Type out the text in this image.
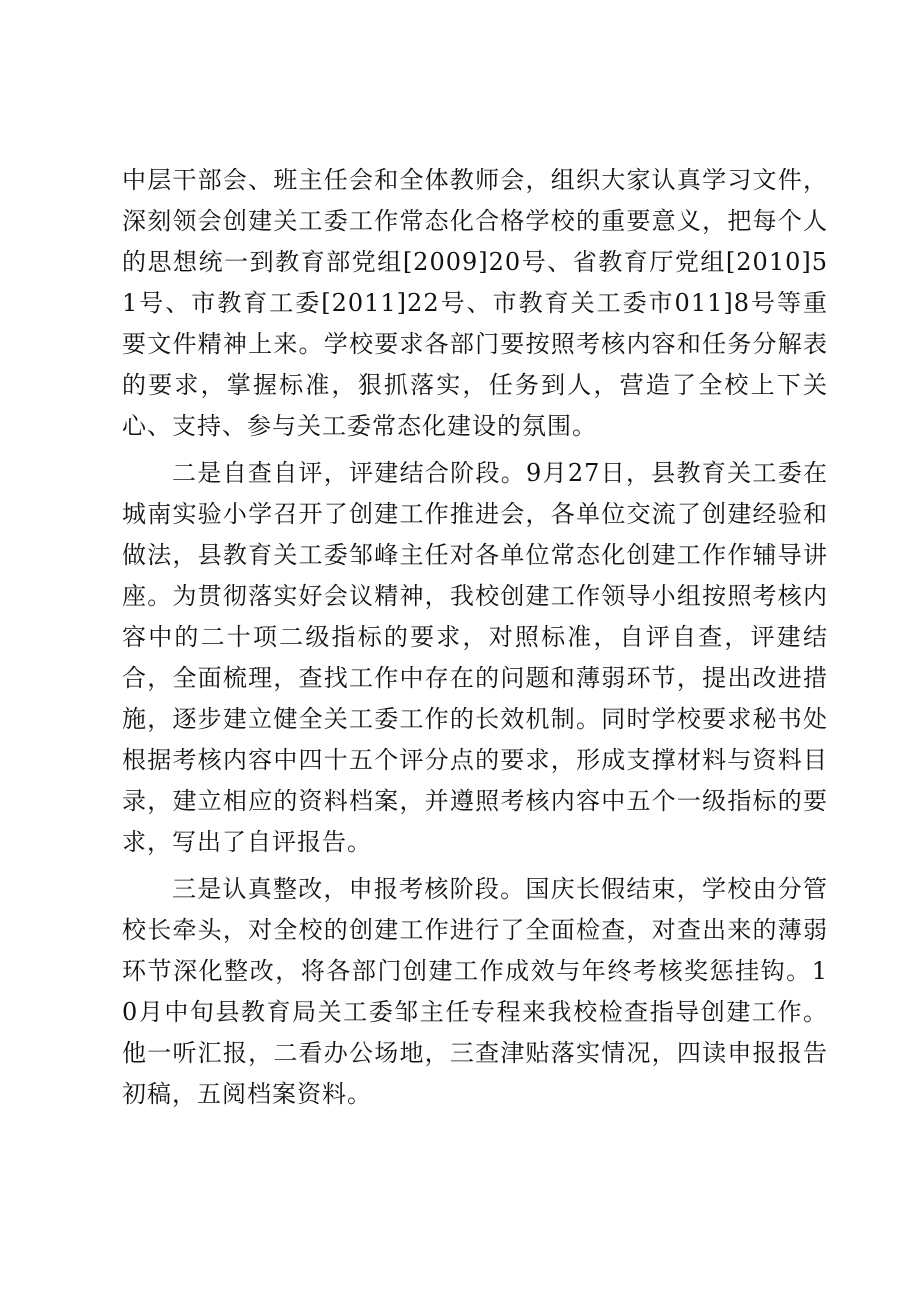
中层干部会、班主任会和全体教师会，组织大家认真学习文件，深刻领会创建关工委工作常态化合格学校的重要意义，把每个人的思想统一到教育部党组[2009]20号、省教育厅党组[2010]51号、市教育工委[2011]22号、市教育关工委市011]8号等重要文件精神上来。学校要求各部门要按照考核内容和任务分解表的要求，掌握标准，狠抓落实，任务到人，营造了全校上下关心、支持、参与关工委常态化建设的氛围。

二是自查自评，评建结合阶段。9月27日，县教育关工委在城南实验小学召开了创建工作推进会，各单位交流了创建经验和做法，县教育关工委邹峰主任对各单位常态化创建工作作辅导讲座。为贯彻落实好会议精神，我校创建工作领导小组按照考核内容中的二十项二级指标的要求，对照标准，自评自查，评建结合，全面梳理，查找工作中存在的问题和薄弱环节，提出改进措施，逐步建立健全关工委工作的长效机制。同时学校要求秘书处根据考核内容中四十五个评分点的要求，形成支撑材料与资料目录，建立相应的资料档案，并遵照考核内容中五个一级指标的要求，写出了自评报告。

三是认真整改，申报考核阶段。国庆长假结束，学校由分管校长牵头，对全校的创建工作进行了全面检查，对查出来的薄弱环节深化整改，将各部门创建工作成效与年终考核奖惩挂钩。10月中旬县教育局关工委邹主任专程来我校检查指导创建工作。他一听汇报，二看办公场地，三查津贴落实情况，四读申报报告初稿，五阅档案资料。
